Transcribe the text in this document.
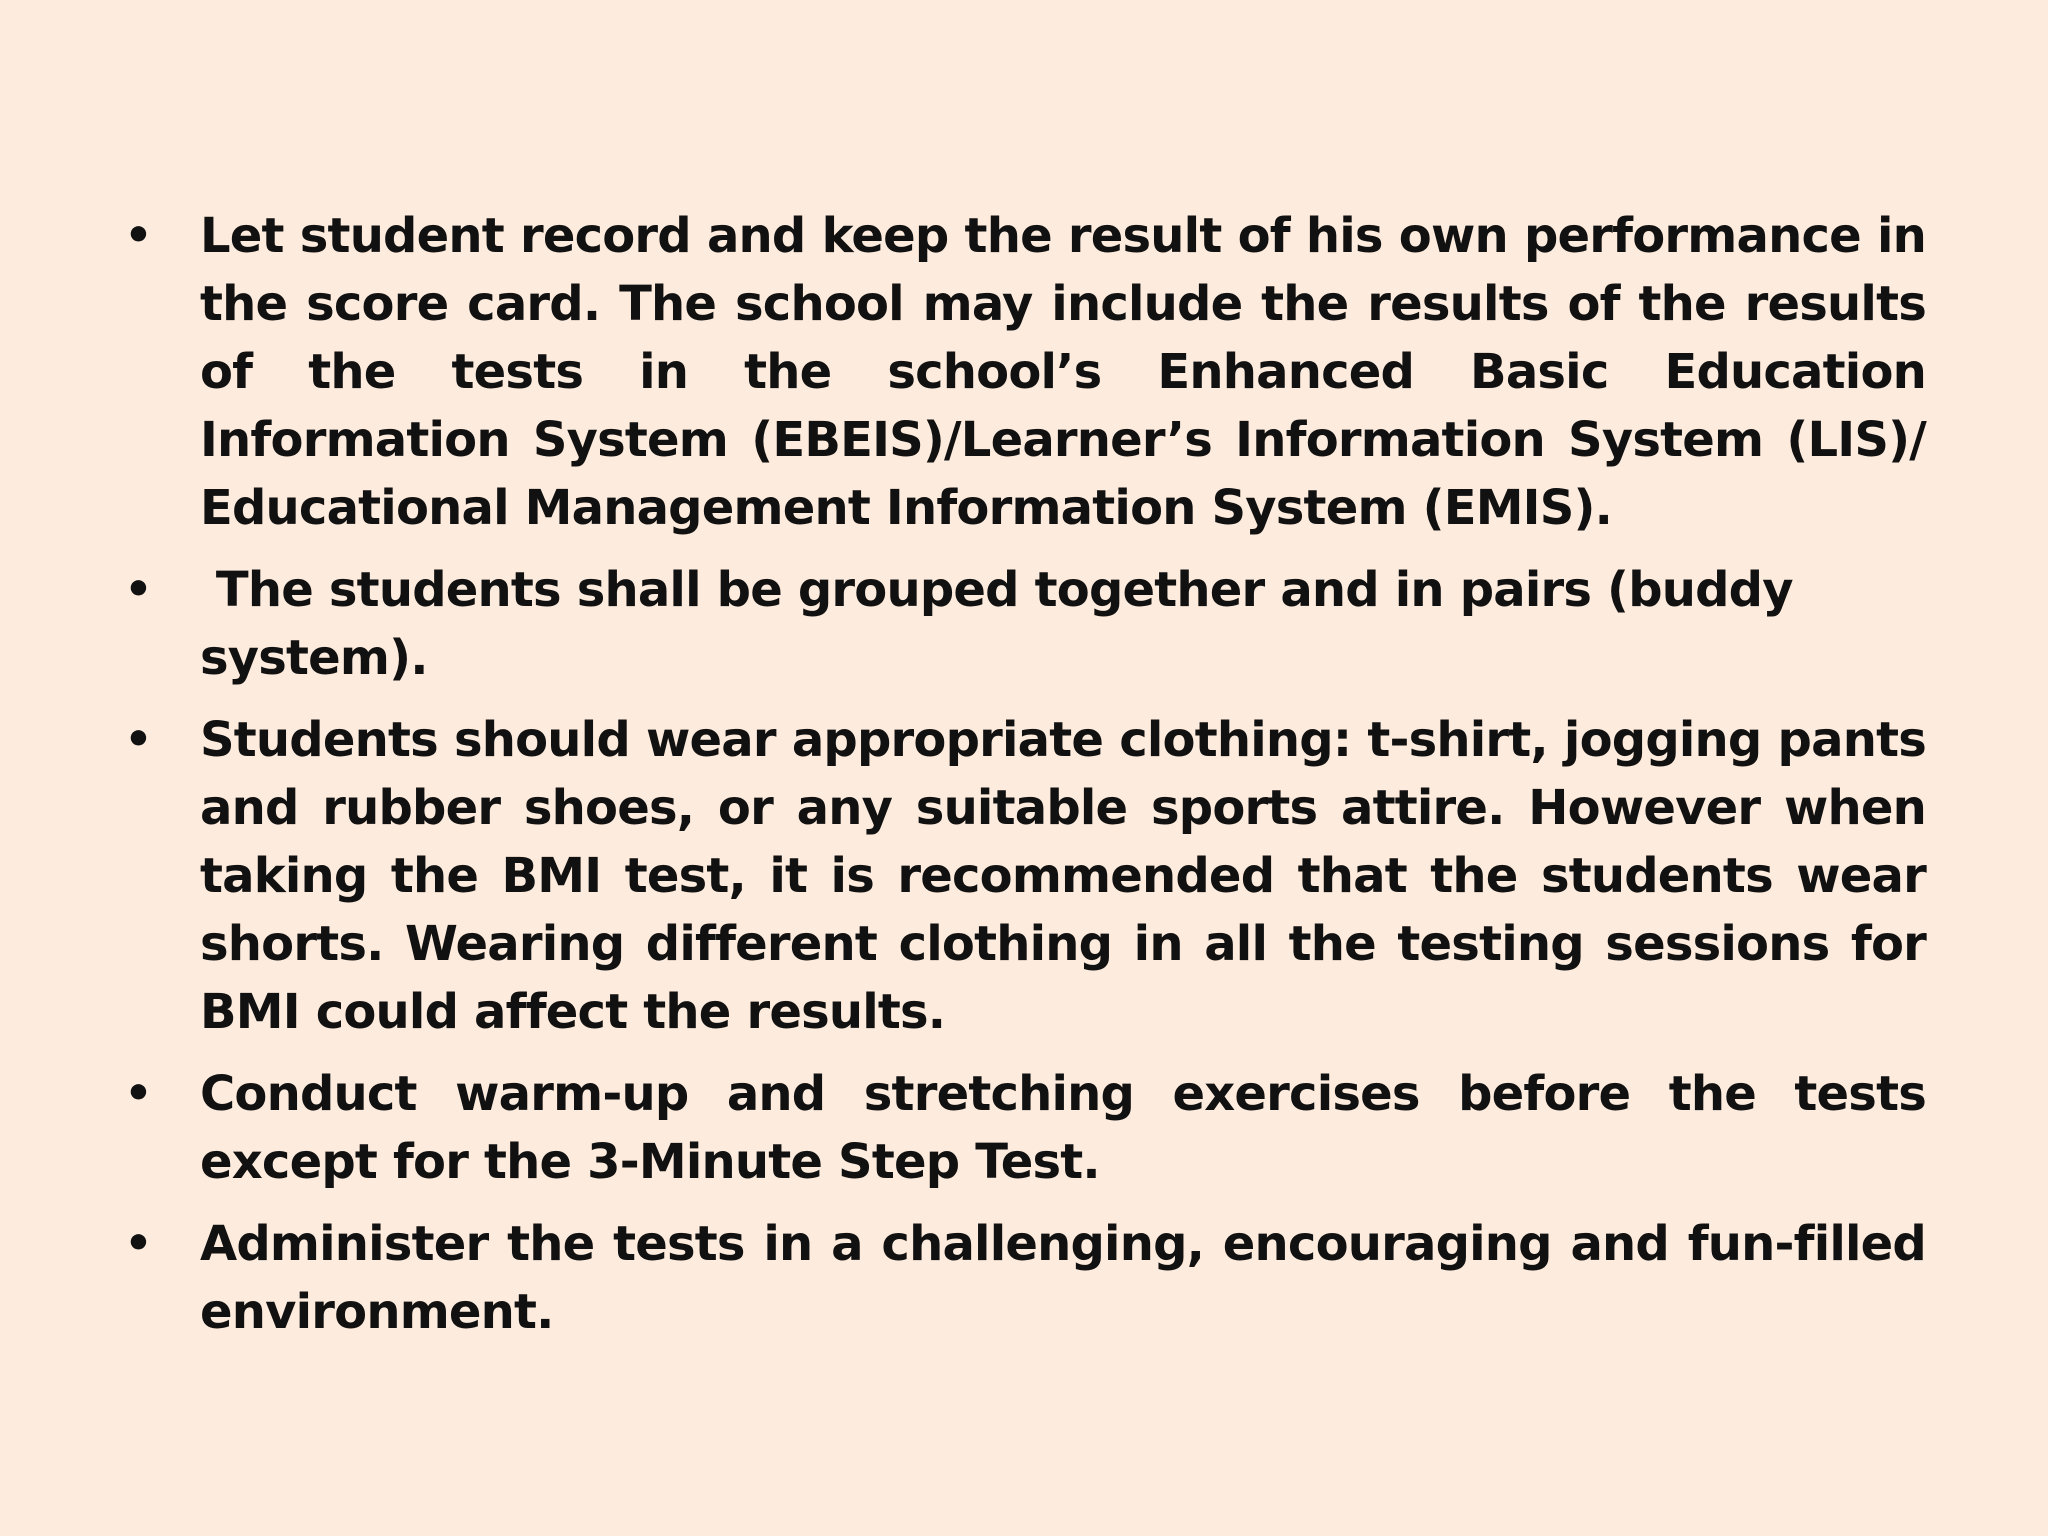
• Let student record and keep the result of his own performance in the score card. The school may include the results of the results of the tests in the school’s Enhanced Basic Education Information System (EBEIS)/Learner’s Information System (LIS)/ Educational Management Information System (EMIS).
• The students shall be grouped together and in pairs (buddy system).
• Students should wear appropriate clothing: t-shirt, jogging pants and rubber shoes, or any suitable sports attire. However when taking the BMI test, it is recommended that the students wear shorts. Wearing different clothing in all the testing sessions for BMI could affect the results.
• Conduct warm-up and stretching exercises before the tests except for the 3-Minute Step Test.
• Administer the tests in a challenging, encouraging and fun-filled environment.
